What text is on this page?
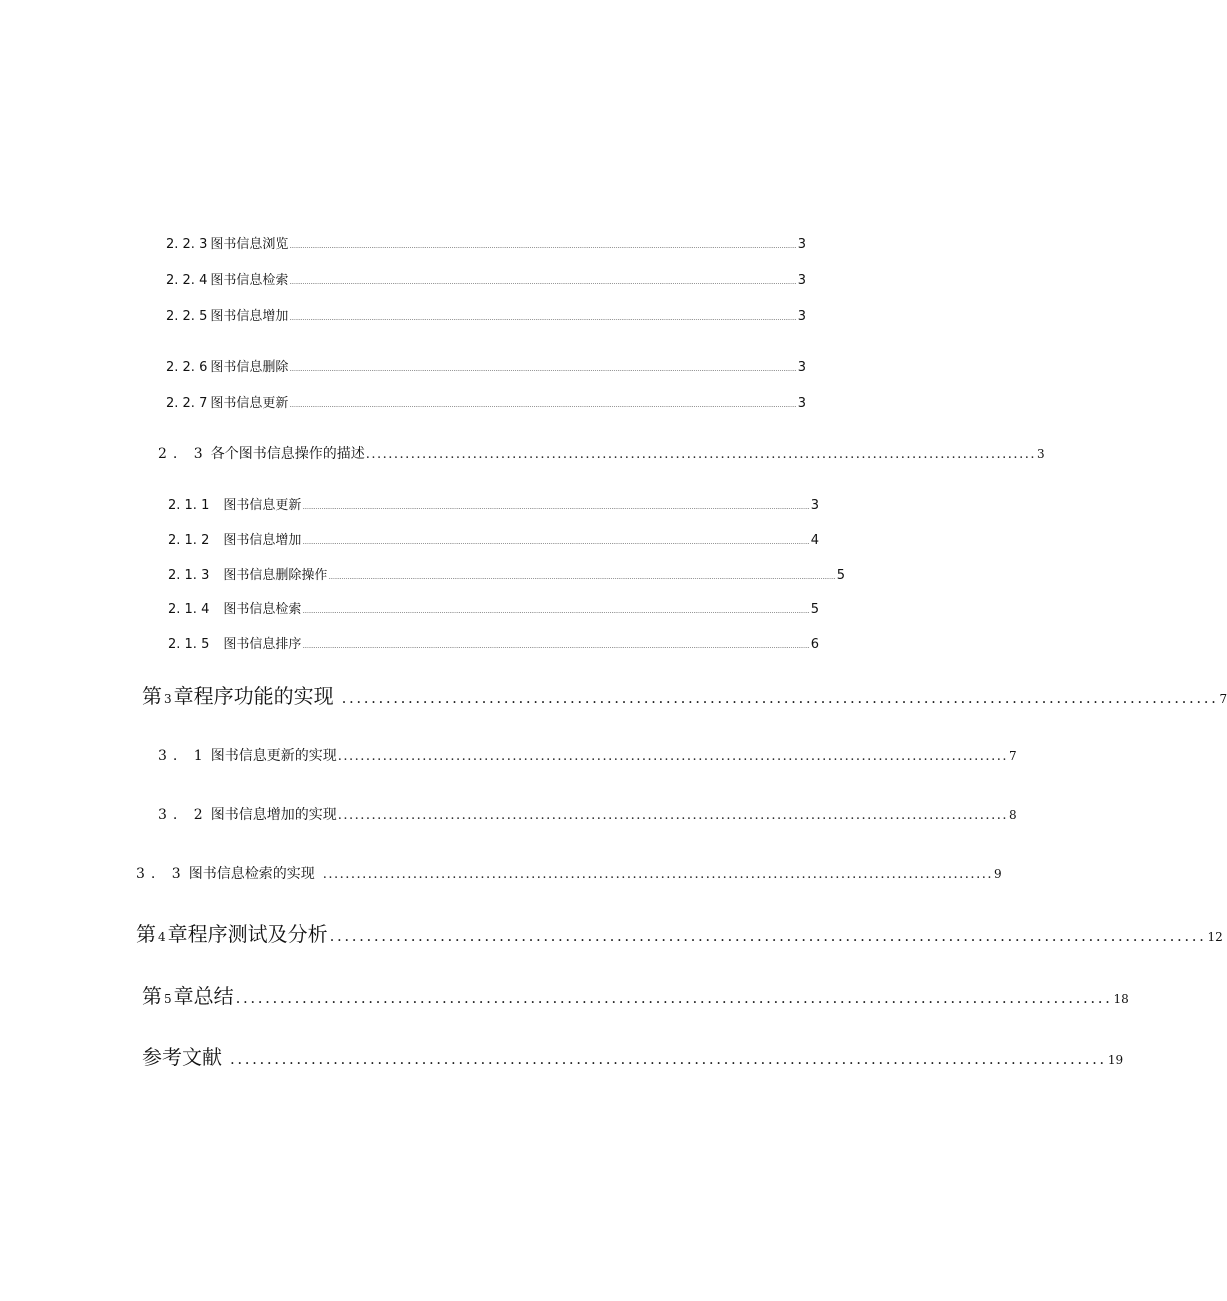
2. 2. 3 图书信息浏览 .......................................................................................................................................................................................................................................................................... 3
2. 2. 4 图书信息检索 .......................................................................................................................................................................................................................................................................... 3
2. 2. 5 图书信息增加 .......................................................................................................................................................................................................................................................................... 3
2. 2. 6 图书信息删除 .......................................................................................................................................................................................................................................................................... 3
2. 2. 7 图书信息更新 .......................................................................................................................................................................................................................................................................... 3
2. 3 各个图书信息操作的描述 ....................................................................................................................... 3
2. 1. 1 图书信息更新 .......................................................................................................................................................................................................................................................................... 3
2. 1. 2 图书信息增加 .......................................................................................................................................................................................................................................................................... 4
2. 1. 3 图书信息删除操作 .......................................................................................................................................................................................................................................................................... 5
2. 1. 4 图书信息检索 .......................................................................................................................................................................................................................................................................... 5
2. 1. 5 图书信息排序 .......................................................................................................................................................................................................................................................................... 6
第 3 章程序功能的实现 ....................................................................................................................... 7
3. 1 图书信息更新的实现 ....................................................................................................................... 7
3. 2 图书信息增加的实现 ....................................................................................................................... 8
3. 3 图书信息检索的实现 ....................................................................................................................... 9
第 4 章程序测试及分析 ....................................................................................................................... 12
第 5 章总结 ....................................................................................................................... 18
参考文献 ....................................................................................................................... 19
